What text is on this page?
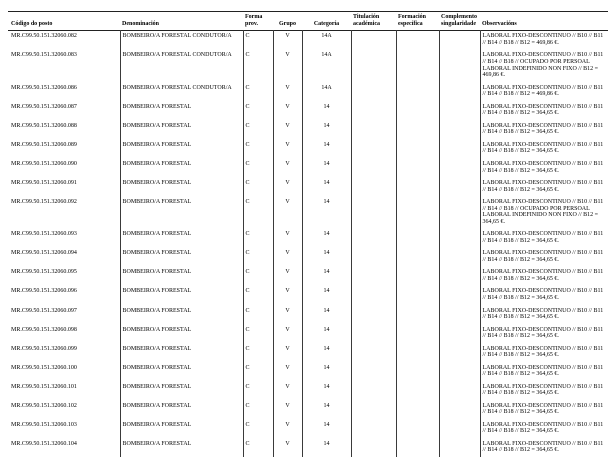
Código do posto	Denominación	Forma prov.	Grupo	Categoría	Titulación académica	Formación específica	Complemento singularidade	Observacións
MR.C99.50.151.32060.082	BOMBEIRO/A FORESTAL CONDUTOR/A	C	V	14A				LABORAL FIXO-DESCONTINUO // B10 // B11 // B14 // B18 // B12 = 469,86 €.
MR.C99.50.151.32060.083	BOMBEIRO/A FORESTAL CONDUTOR/A	C	V	14A				LABORAL FIXO-DESCONTINUO // B10 // B11 // B14 // B18 // OCUPADO POR PERSOAL LABORAL INDEFINIDO NON FIXO // B12 = 469,86 €.
MR.C99.50.151.32060.086	BOMBEIRO/A FORESTAL CONDUTOR/A	C	V	14A				LABORAL FIXO-DESCONTINUO // B10 // B11 // B14 // B18 // B12 = 469,86 €.
MR.C99.50.151.32060.087	BOMBEIRO/A FORESTAL	C	V	14				LABORAL FIXO-DESCONTINUO // B10 // B11 // B14 // B18 // B12 = 364,65 €.
MR.C99.50.151.32060.088	BOMBEIRO/A FORESTAL	C	V	14				LABORAL FIXO-DESCONTINUO // B10 // B11 // B14 // B18 // B12 = 364,65 €.
MR.C99.50.151.32060.089	BOMBEIRO/A FORESTAL	C	V	14				LABORAL FIXO-DESCONTINUO // B10 // B11 // B14 // B18 // B12 = 364,65 €.
MR.C99.50.151.32060.090	BOMBEIRO/A FORESTAL	C	V	14				LABORAL FIXO-DESCONTINUO // B10 // B11 // B14 // B18 // B12 = 364,65 €.
MR.C99.50.151.32060.091	BOMBEIRO/A FORESTAL	C	V	14				LABORAL FIXO-DESCONTINUO // B10 // B11 // B14 // B18 // B12 = 364,65 €.
MR.C99.50.151.32060.092	BOMBEIRO/A FORESTAL	C	V	14				LABORAL FIXO-DESCONTINUO // B10 // B11 // B14 // B18 // OCUPADO POR PERSOAL LABORAL INDEFINIDO NON FIXO // B12 = 364,65 €.
MR.C99.50.151.32060.093	BOMBEIRO/A FORESTAL	C	V	14				LABORAL FIXO-DESCONTINUO // B10 // B11 // B14 // B18 // B12 = 364,65 €.
MR.C99.50.151.32060.094	BOMBEIRO/A FORESTAL	C	V	14				LABORAL FIXO-DESCONTINUO // B10 // B11 // B14 // B18 // B12 = 364,65 €.
MR.C99.50.151.32060.095	BOMBEIRO/A FORESTAL	C	V	14				LABORAL FIXO-DESCONTINUO // B10 // B11 // B14 // B18 // B12 = 364,65 €.
MR.C99.50.151.32060.096	BOMBEIRO/A FORESTAL	C	V	14				LABORAL FIXO-DESCONTINUO // B10 // B11 // B14 // B18 // B12 = 364,65 €.
MR.C99.50.151.32060.097	BOMBEIRO/A FORESTAL	C	V	14				LABORAL FIXO-DESCONTINUO // B10 // B11 // B14 // B18 // B12 = 364,65 €.
MR.C99.50.151.32060.098	BOMBEIRO/A FORESTAL	C	V	14				LABORAL FIXO-DESCONTINUO // B10 // B11 // B14 // B18 // B12 = 364,65 €.
MR.C99.50.151.32060.099	BOMBEIRO/A FORESTAL	C	V	14				LABORAL FIXO-DESCONTINUO // B10 // B11 // B14 // B18 // B12 = 364,65 €.
MR.C99.50.151.32060.100	BOMBEIRO/A FORESTAL	C	V	14				LABORAL FIXO-DESCONTINUO // B10 // B11 // B14 // B18 // B12 = 364,65 €.
MR.C99.50.151.32060.101	BOMBEIRO/A FORESTAL	C	V	14				LABORAL FIXO-DESCONTINUO // B10 // B11 // B14 // B18 // B12 = 364,65 €.
MR.C99.50.151.32060.102	BOMBEIRO/A FORESTAL	C	V	14				LABORAL FIXO-DESCONTINUO // B10 // B11 // B14 // B18 // B12 = 364,65 €.
MR.C99.50.151.32060.103	BOMBEIRO/A FORESTAL	C	V	14				LABORAL FIXO-DESCONTINUO // B10 // B11 // B14 // B18 // B12 = 364,65 €.
MR.C99.50.151.32060.104	BOMBEIRO/A FORESTAL	C	V	14				LABORAL FIXO-DESCONTINUO // B10 // B11 // B14 // B18 // B12 = 364,65 €.
